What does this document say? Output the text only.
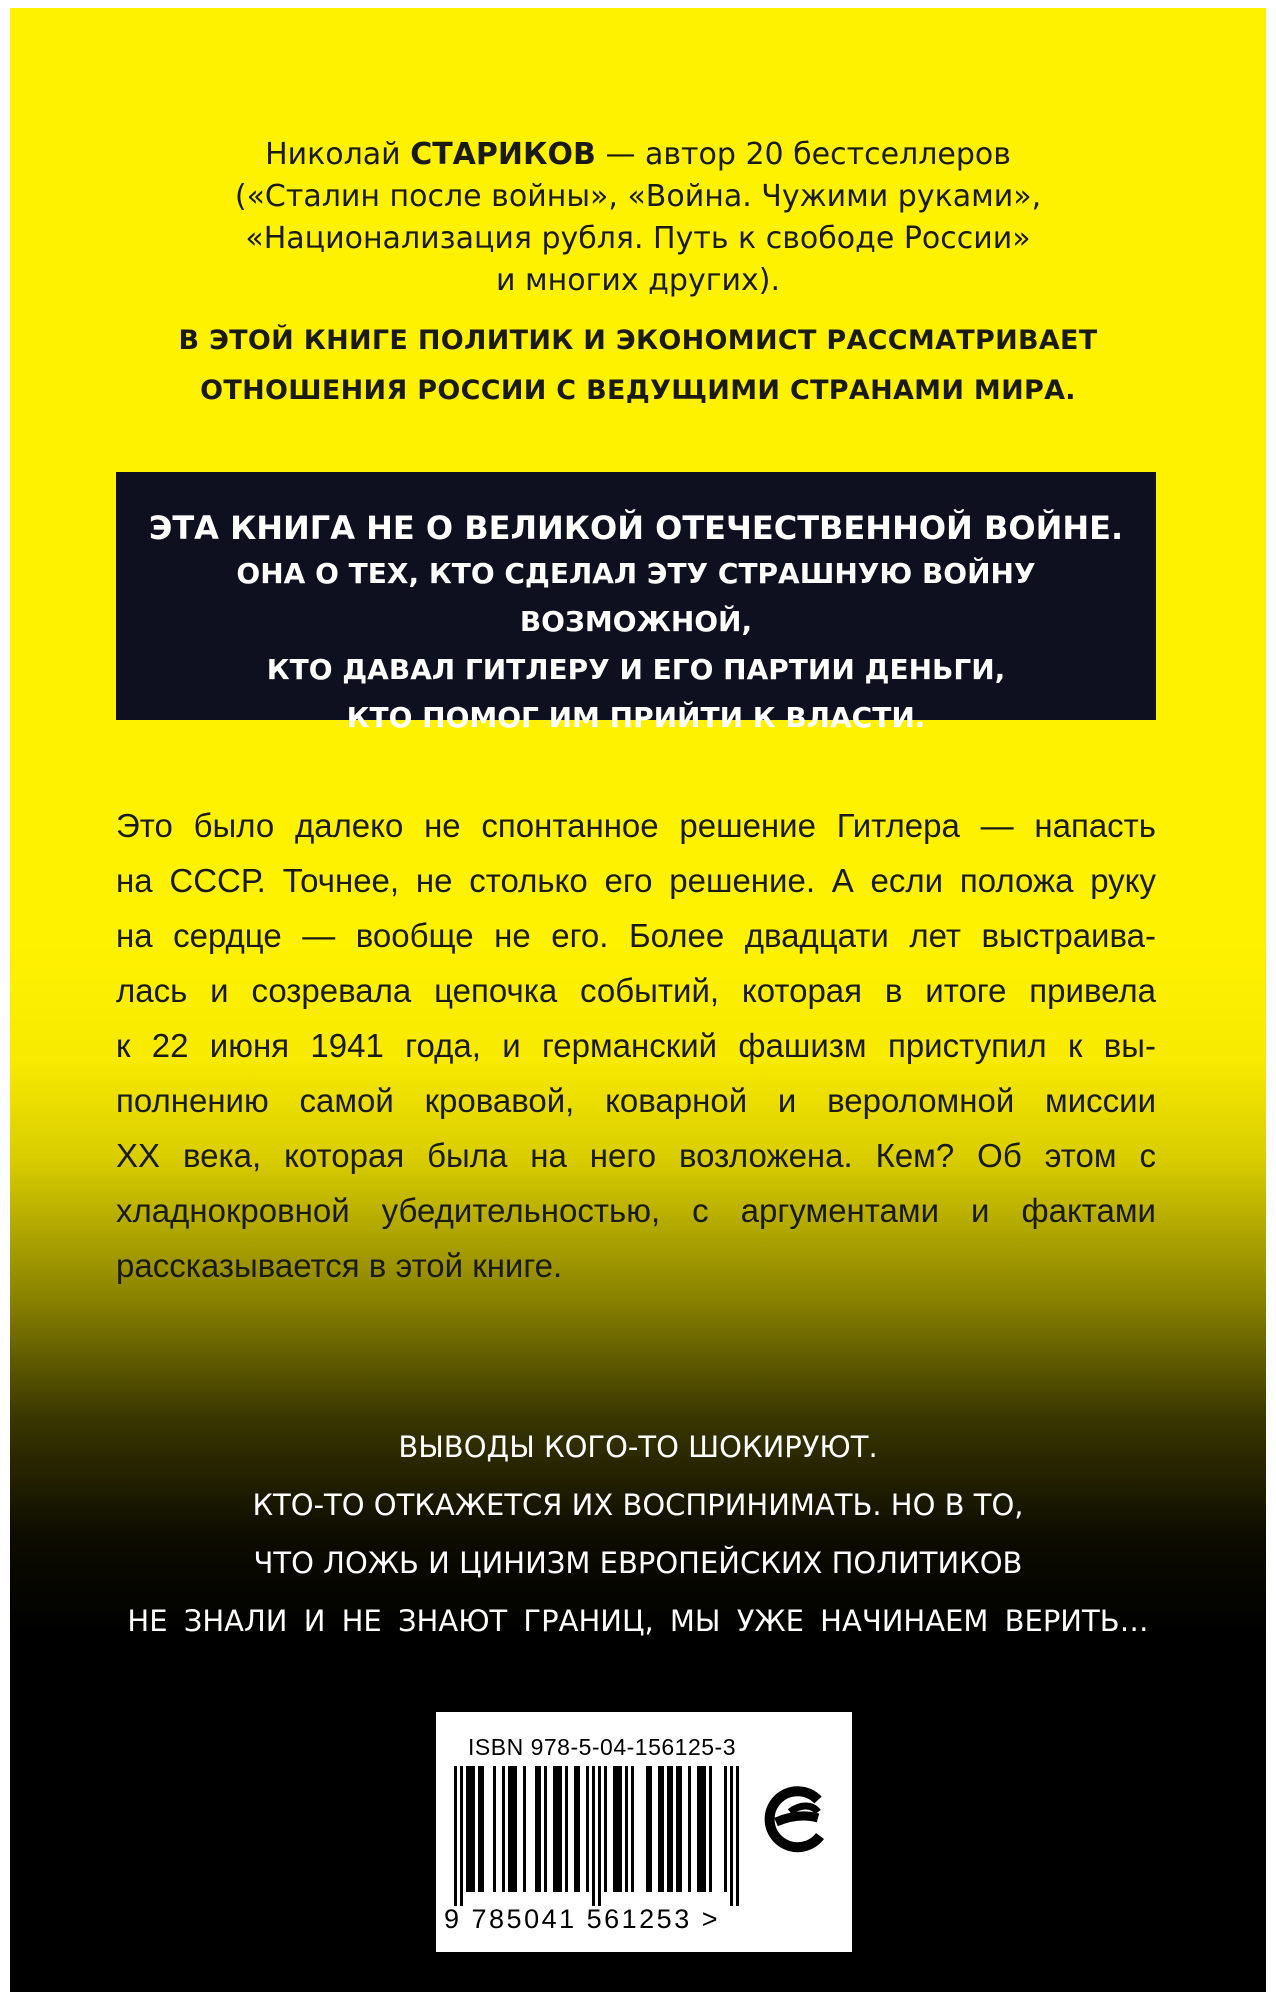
Николай СТАРИКОВ — автор 20 бестселлеров
(«Сталин после войны», «Война. Чужими руками»,
«Национализация рубля. Путь к свободе России»
и многих других).
В ЭТОЙ КНИГЕ ПОЛИТИК И ЭКОНОМИСТ РАССМАТРИВАЕТ
ОТНОШЕНИЯ РОССИИ С ВЕДУЩИМИ СТРАНАМИ МИРА.
ЭТА КНИГА НЕ О ВЕЛИКОЙ ОТЕЧЕСТВЕННОЙ ВОЙНЕ.
ОНА О ТЕХ, КТО СДЕЛАЛ ЭТУ СТРАШНУЮ ВОЙНУ ВОЗМОЖНОЙ,
КТО ДАВАЛ ГИТЛЕРУ И ЕГО ПАРТИИ ДЕНЬГИ,
КТО ПОМОГ ИМ ПРИЙТИ К ВЛАСТИ.
Это было далеко не спонтанное решение Гитлера — напасть
на СССР. Точнее, не столько его решение. А если положа руку
на сердце — вообще не его. Более двадцати лет выстраива-
лась и созревала цепочка событий, которая в итоге привела
к 22 июня 1941 года, и германский фашизм приступил к вы-
полнению самой кровавой, коварной и вероломной миссии
XX века, которая была на него возложена. Кем? Об этом с
хладнокровной убедительностью, с аргументами и фактами
рассказывается в этой книге.
ВЫВОДЫ КОГО-ТО ШОКИРУЮТ.
КТО-ТО ОТКАЖЕТСЯ ИХ ВОСПРИНИМАТЬ. НО В ТО,
ЧТО ЛОЖЬ И ЦИНИЗМ ЕВРОПЕЙСКИХ ПОЛИТИКОВ
НЕ ЗНАЛИ И НЕ ЗНАЮТ ГРАНИЦ, МЫ УЖЕ НАЧИНАЕМ ВЕРИТЬ…
ISBN 978-5-04-156125-3
9 785041 561253 >
